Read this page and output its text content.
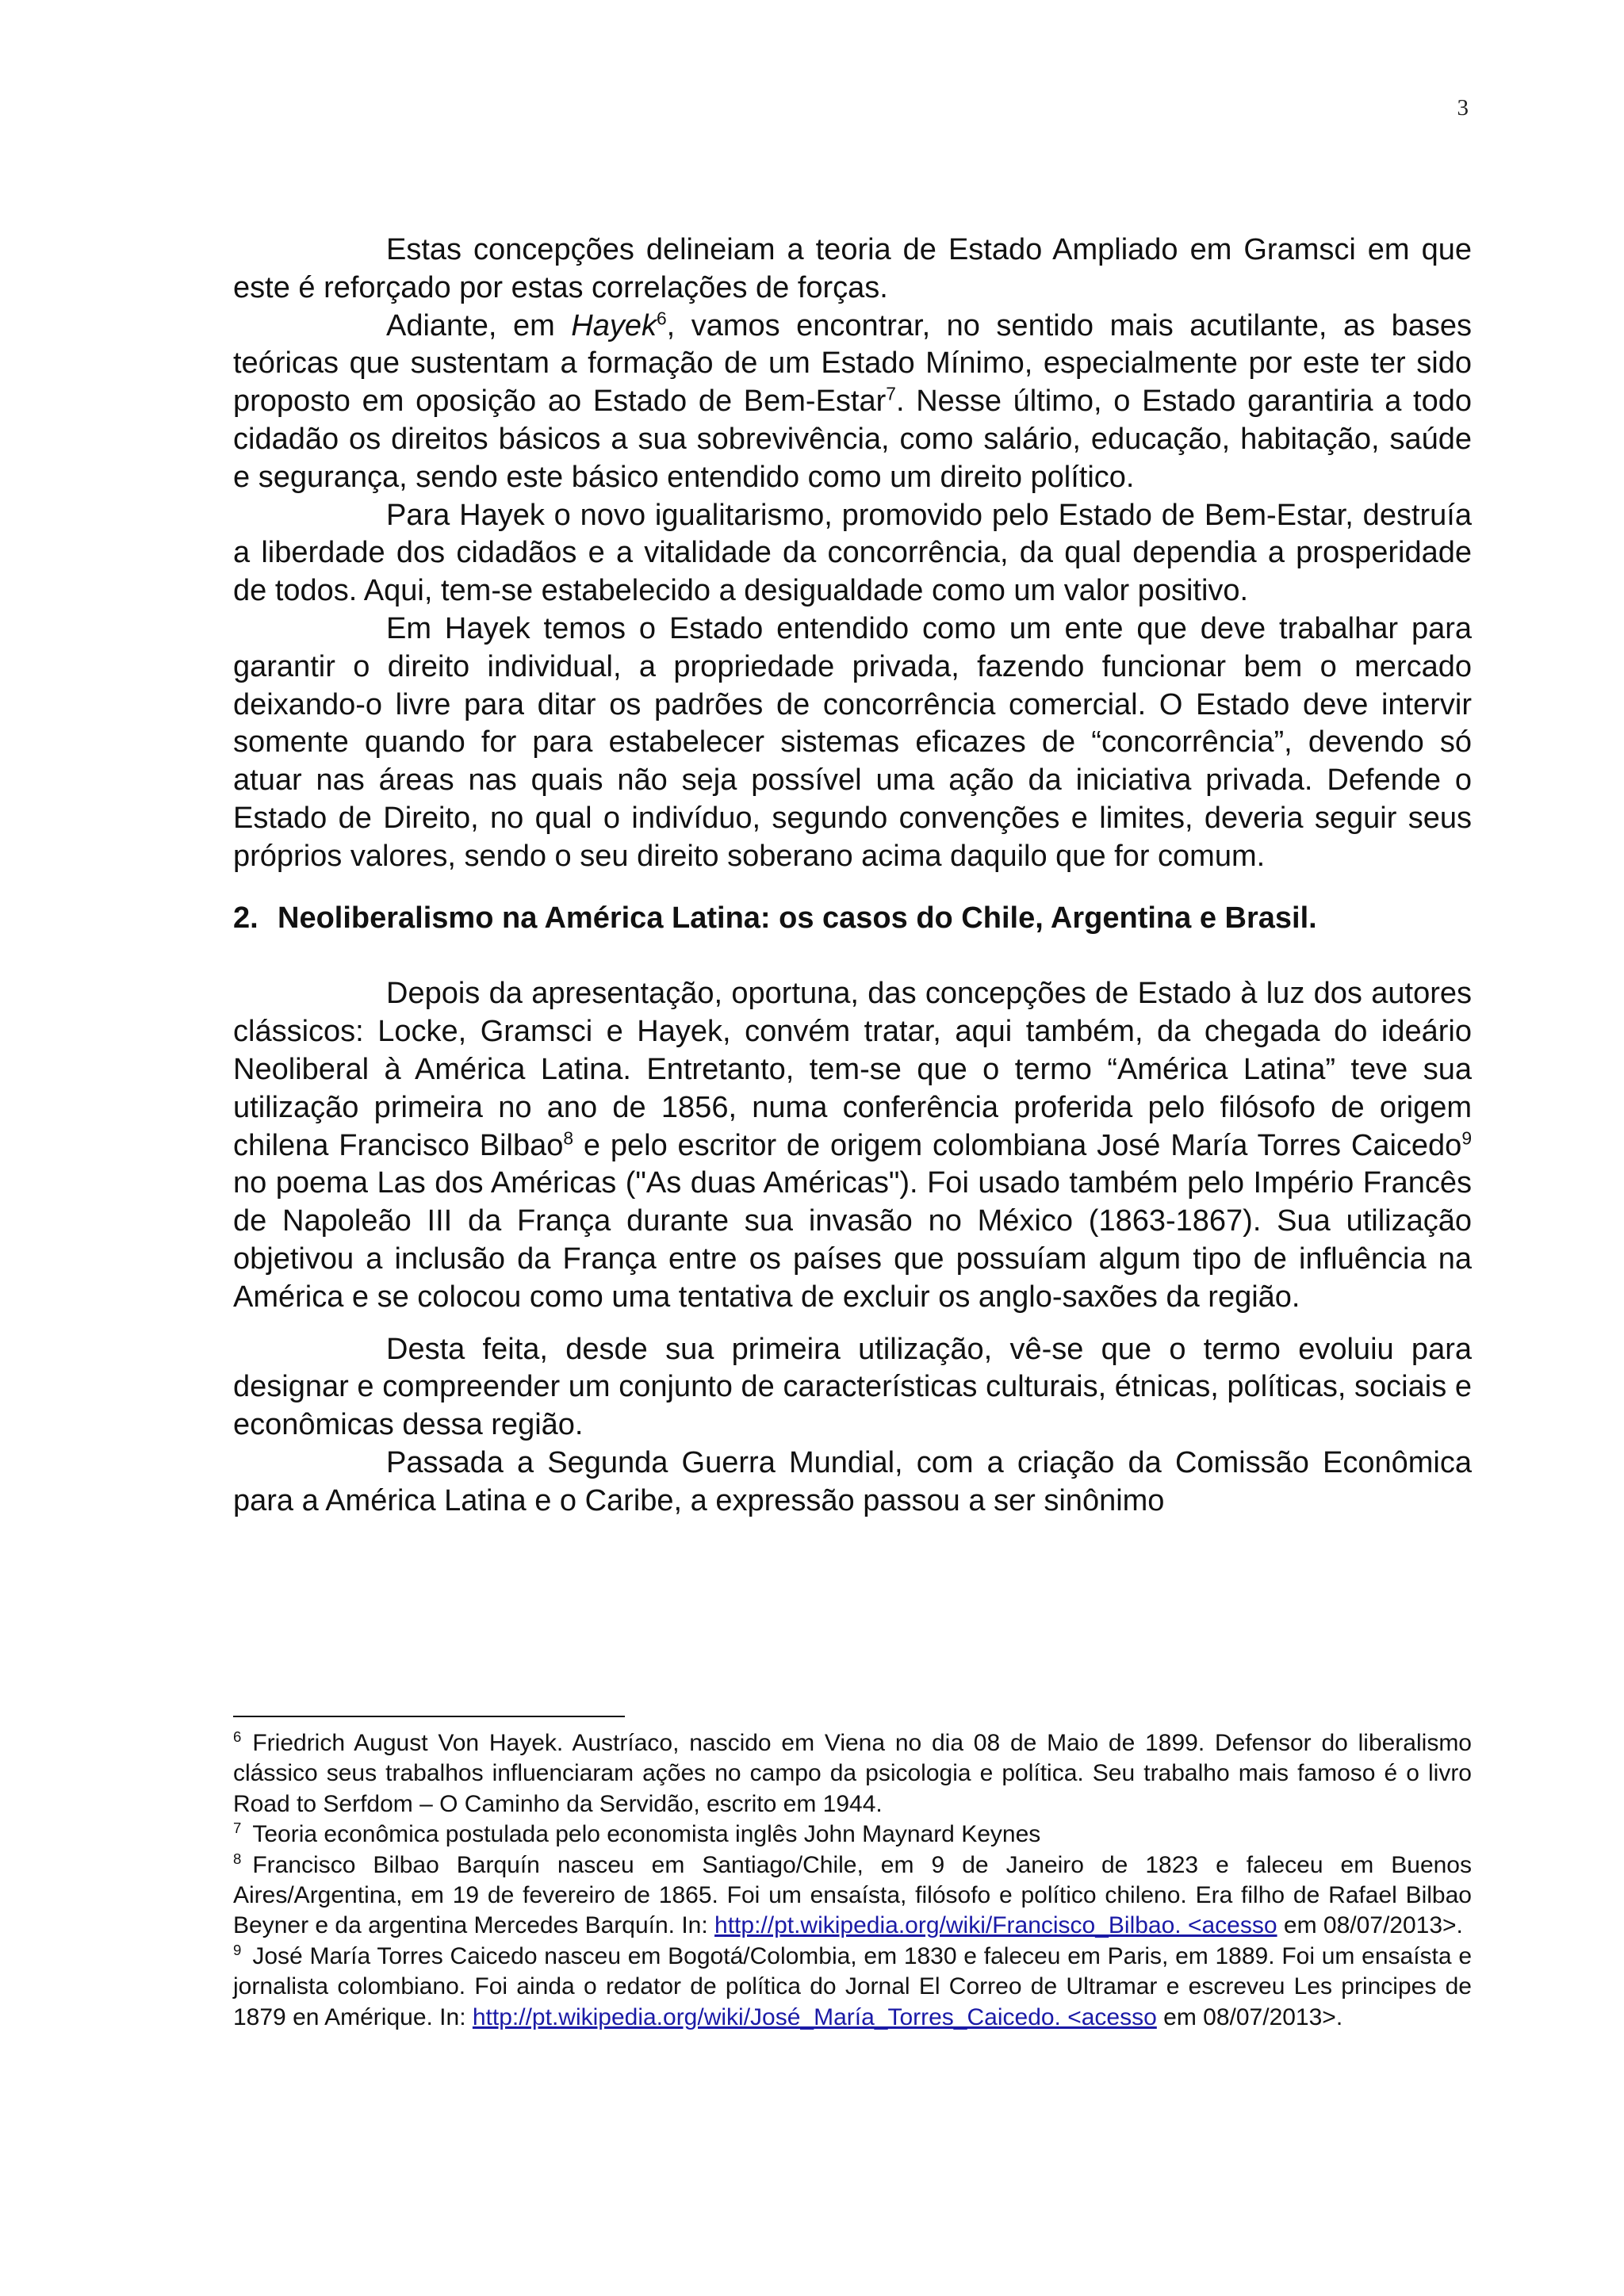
3

Estas concepções delineiam a teoria de Estado Ampliado em Gramsci em que este é reforçado por estas correlações de forças.

Adiante, em Hayek$^6$, vamos encontrar, no sentido mais acutilante, as bases teóricas que sustentam a formação de um Estado Mínimo, especialmente por este ter sido proposto em oposição ao Estado de Bem-Estar$^7$. Nesse último, o Estado garantiria a todo cidadão os direitos básicos a sua sobrevivência, como salário, educação, habitação, saúde e segurança, sendo este básico entendido como um direito político.

Para Hayek o novo igualitarismo, promovido pelo Estado de Bem-Estar, destruía a liberdade dos cidadãos e a vitalidade da concorrência, da qual dependia a prosperidade de todos. Aqui, tem-se estabelecido a desigualdade como um valor positivo.

Em Hayek temos o Estado entendido como um ente que deve trabalhar para garantir o direito individual, a propriedade privada, fazendo funcionar bem o mercado deixando-o livre para ditar os padrões de concorrência comercial. O Estado deve intervir somente quando for para estabelecer sistemas eficazes de “concorrência”, devendo só atuar nas áreas nas quais não seja possível uma ação da iniciativa privada. Defende o Estado de Direito, no qual o indivíduo, segundo convenções e limites, deveria seguir seus próprios valores, sendo o seu direito soberano acima daquilo que for comum.

2. Neoliberalismo na América Latina: os casos do Chile, Argentina e Brasil.

Depois da apresentação, oportuna, das concepções de Estado à luz dos autores clássicos: Locke, Gramsci e Hayek, convém tratar, aqui também, da chegada do ideário Neoliberal à América Latina. Entretanto, tem-se que o termo “América Latina” teve sua utilização primeira no ano de 1856, numa conferência proferida pelo filósofo de origem chilena Francisco Bilbao$^8$ e pelo escritor de origem colombiana José María Torres Caicedo$^9$ no poema Las dos Américas ("As duas Américas"). Foi usado também pelo Império Francês de Napoleão III da França durante sua invasão no México (1863-1867). Sua utilização objetivou a inclusão da França entre os países que possuíam algum tipo de influência na América e se colocou como uma tentativa de excluir os anglo-saxões da região.

Desta feita, desde sua primeira utilização, vê-se que o termo evoluiu para designar e compreender um conjunto de características culturais, étnicas, políticas, sociais e econômicas dessa região.

Passada a Segunda Guerra Mundial, com a criação da Comissão Econômica para a América Latina e o Caribe, a expressão passou a ser sinônimo

$^6$ Friedrich August Von Hayek. Austríaco, nascido em Viena no dia 08 de Maio de 1899. Defensor do liberalismo clássico seus trabalhos influenciaram ações no campo da psicologia e política. Seu trabalho mais famoso é o livro Road to Serfdom – O Caminho da Servidão, escrito em 1944.

$^7$ Teoria econômica postulada pelo economista inglês John Maynard Keynes

$^8$ Francisco Bilbao Barquín nasceu em Santiago/Chile, em 9 de Janeiro de 1823 e faleceu em Buenos Aires/Argentina, em 19 de fevereiro de 1865. Foi um ensaísta, filósofo e político chileno. Era filho de Rafael Bilbao Beyner e da argentina Mercedes Barquín. In: http://pt.wikipedia.org/wiki/Francisco_Bilbao. <acesso em 08/07/2013>.

$^9$ José María Torres Caicedo nasceu em Bogotá/Colombia, em 1830 e faleceu em Paris, em 1889. Foi um ensaísta e jornalista colombiano. Foi ainda o redator de política do Jornal El Correo de Ultramar e escreveu Les principes de 1879 en Amérique. In: http://pt.wikipedia.org/wiki/José_María_Torres_Caicedo. <acesso em 08/07/2013>.
